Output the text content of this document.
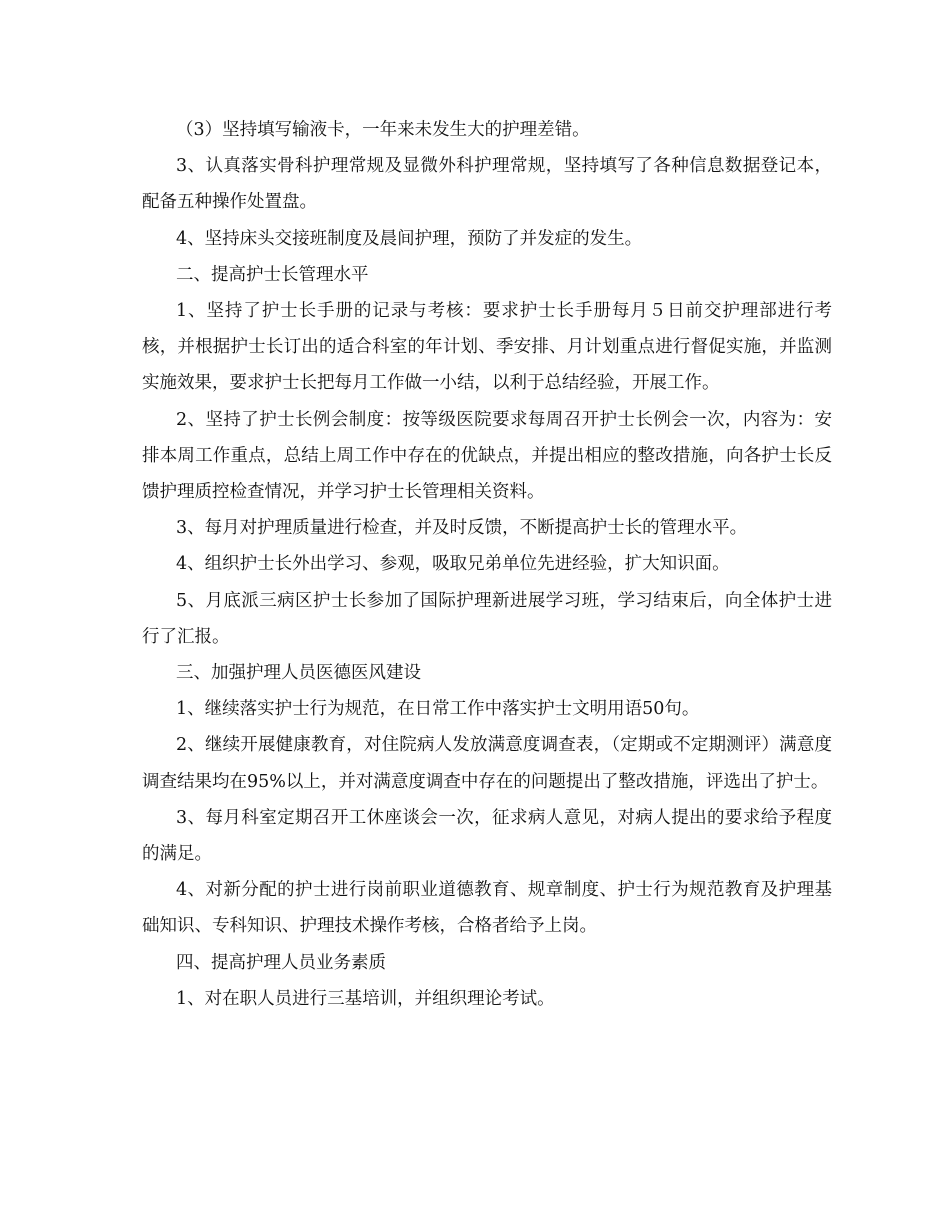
（3）坚持填写输液卡，一年来未发生大的护理差错。

3、认真落实骨科护理常规及显微外科护理常规，坚持填写了各种信息数据登记本，配备五种操作处置盘。

4、坚持床头交接班制度及晨间护理，预防了并发症的发生。

二、提高护士长管理水平

1、坚持了护士长手册的记录与考核：要求护士长手册每月５日前交护理部进行考核，并根据护士长订出的适合科室的年计划、季安排、月计划重点进行督促实施，并监测实施效果，要求护士长把每月工作做一小结，以利于总结经验，开展工作。

2、坚持了护士长例会制度：按等级医院要求每周召开护士长例会一次，内容为：安排本周工作重点，总结上周工作中存在的优缺点，并提出相应的整改措施，向各护士长反馈护理质控检查情况，并学习护士长管理相关资料。

3、每月对护理质量进行检查，并及时反馈，不断提高护士长的管理水平。

4、组织护士长外出学习、参观，吸取兄弟单位先进经验，扩大知识面。

5、月底派三病区护士长参加了国际护理新进展学习班，学习结束后，向全体护士进行了汇报。

三、加强护理人员医德医风建设

1、继续落实护士行为规范，在日常工作中落实护士文明用语50句。

2、继续开展健康教育，对住院病人发放满意度调查表，（定期或不定期测评）满意度调查结果均在95%以上，并对满意度调查中存在的问题提出了整改措施，评选出了护士。

3、每月科室定期召开工休座谈会一次，征求病人意见，对病人提出的要求给予程度的满足。

4、对新分配的护士进行岗前职业道德教育、规章制度、护士行为规范教育及护理基础知识、专科知识、护理技术操作考核，合格者给予上岗。

四、提高护理人员业务素质

1、对在职人员进行三基培训，并组织理论考试。
